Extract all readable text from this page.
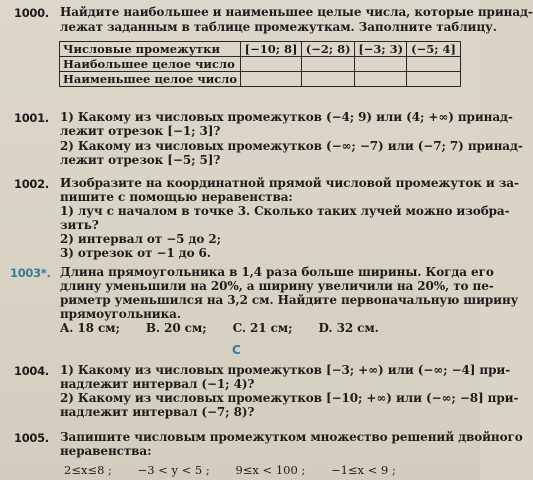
1000. Найдите наибольшее и наименьшее целые числа, которые принад-
лежат заданным в таблице промежуткам. Заполните таблицу.
Числовые промежутки	[−10; 8]	(−2; 8)	[−3; 3)	(−5; 4]
Наибольшее целое число				
Наименьшее целое число				
1001. 1) Какому из числовых промежутков (−4; 9) или (4; +∞) принад-
лежит отрезок [−1; 3]?
2) Какому из числовых промежутков (−∞; −7) или (−7; 7) принад-
лежит отрезок [−5; 5]?
1002. Изобразите на координатной прямой числовой промежуток и за-
пишите с помощью неравенства:
1) луч с началом в точке 3. Сколько таких лучей можно изобра-
зить?
2) интервал от −5 до 2;
3) отрезок от −1 до 6.
1003*. Длина прямоугольника в 1,4 раза больше ширины. Когда его
длину уменьшили на 20%, а ширину увеличили на 20%, то пе-
риметр уменьшился на 3,2 см. Найдите первоначальную ширину
прямоугольника.
A. 18 см; B. 20 см; C. 21 см; D. 32 см.
C
1004. 1) Какому из числовых промежутков [−3; +∞) или (−∞; −4] при-
надлежит интервал (−1; 4)?
2) Какому из числовых промежутков [−10; +∞) или (−∞; −8] при-
надлежит интервал (−7; 8)?
1005. Запишите числовым промежутком множество решений двойного
неравенства:
2≤x≤8 ; −3 < y < 5 ; 9≤x < 100 ; −1≤x < 9 ;
